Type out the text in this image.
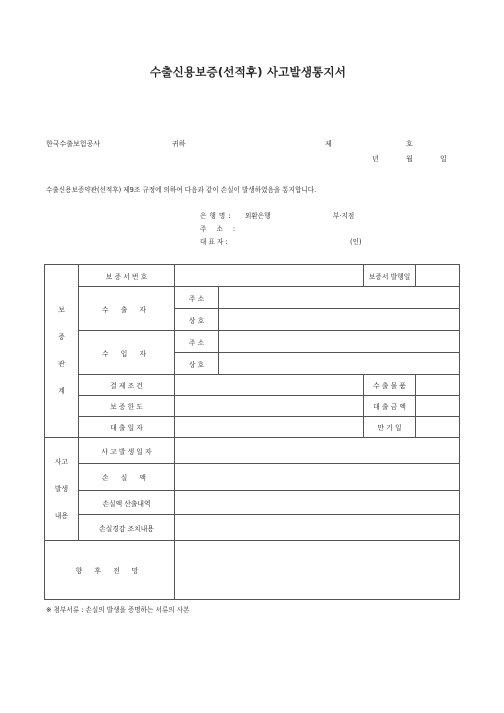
수출신용보증(선적후) 사고발생통지서
한국수출보험공사	귀하	제	호
년	월	일
수출신용보증약관(선적후) 제9조 규정에 의하여 다음과 같이 손실이 발생하였음을 통지합니다.
은 행 명 : 외환은행	부·지점
주 소 :
대 표 자 :	(인)
보
증
관
계	보 증 서 번 호			보증서 발행일	
	수 출 자	주 소			
		상 호			
	수 입 자	주 소			
		상 호			
	결 제 조 건			수 출 물 품	
	보 증 한 도			대 출 금 액	
	대 출 일 자			만 기 일	

사고
발생
내용	사 고 발 생 일 자				
	손 실 액				
	손실액 산출내역				
	손실경감 조치내용				
향 후 전 망					
※ 첨부서류 : 손실의 발생을 증명하는 서류의 사본
